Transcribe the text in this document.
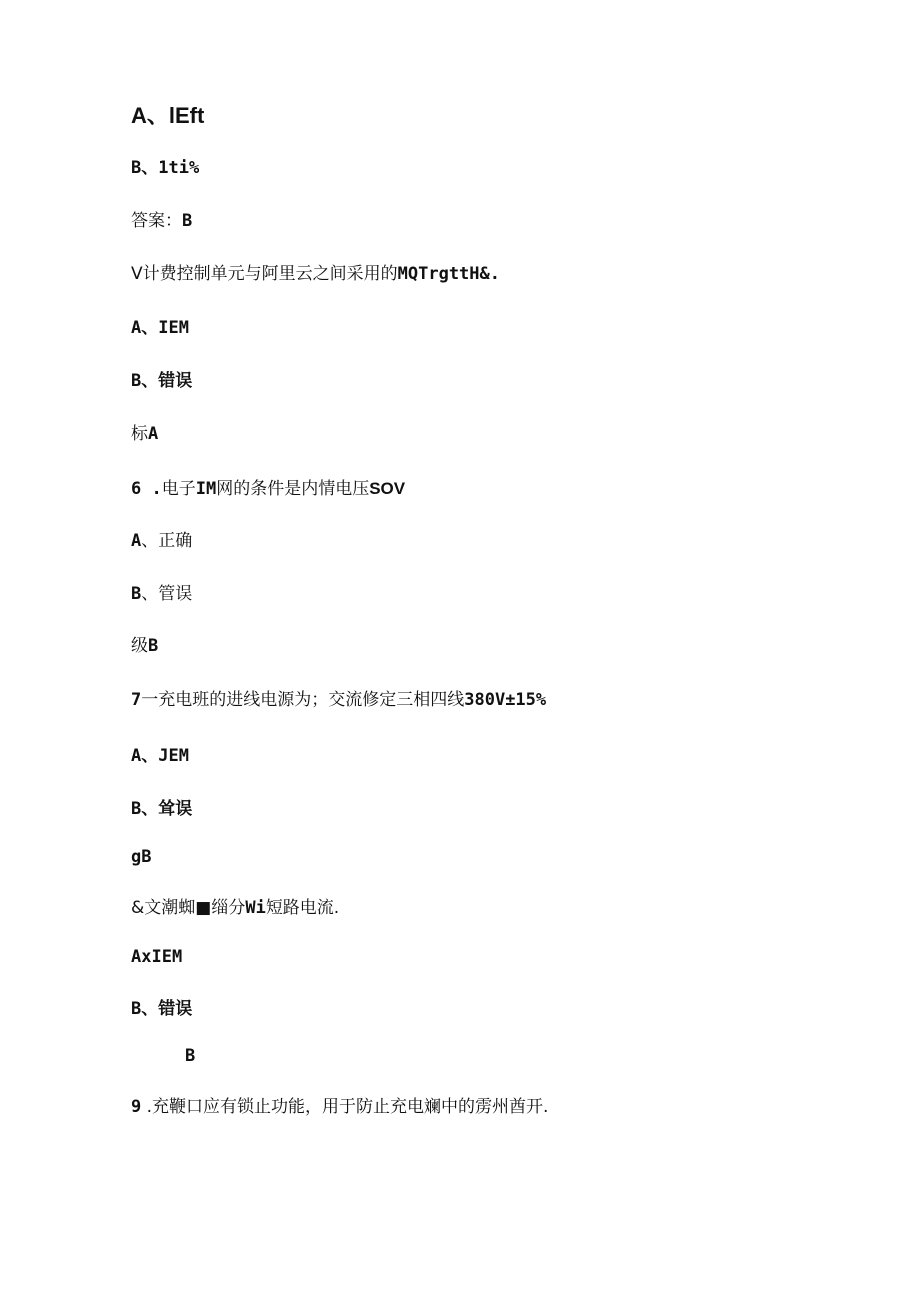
A、lEft
B、1ti%
答案：B
V计费控制单元与阿里云之间采用的MQTrgttH&.
A、IEM
B、错误
标A
6 .电子IM网的条件是内情电压SOV
A、正确
B、管误
级B
7一充电班的进线电源为；交流修定三相四线380V±15%
A、JEM
B、耸误
gB
&文潮蜘■缁分Wi短路电流.
AxIEM
B、错误
B
9 .充鞭口应有锁止功能，用于防止充电斓中的雳州酋开.
